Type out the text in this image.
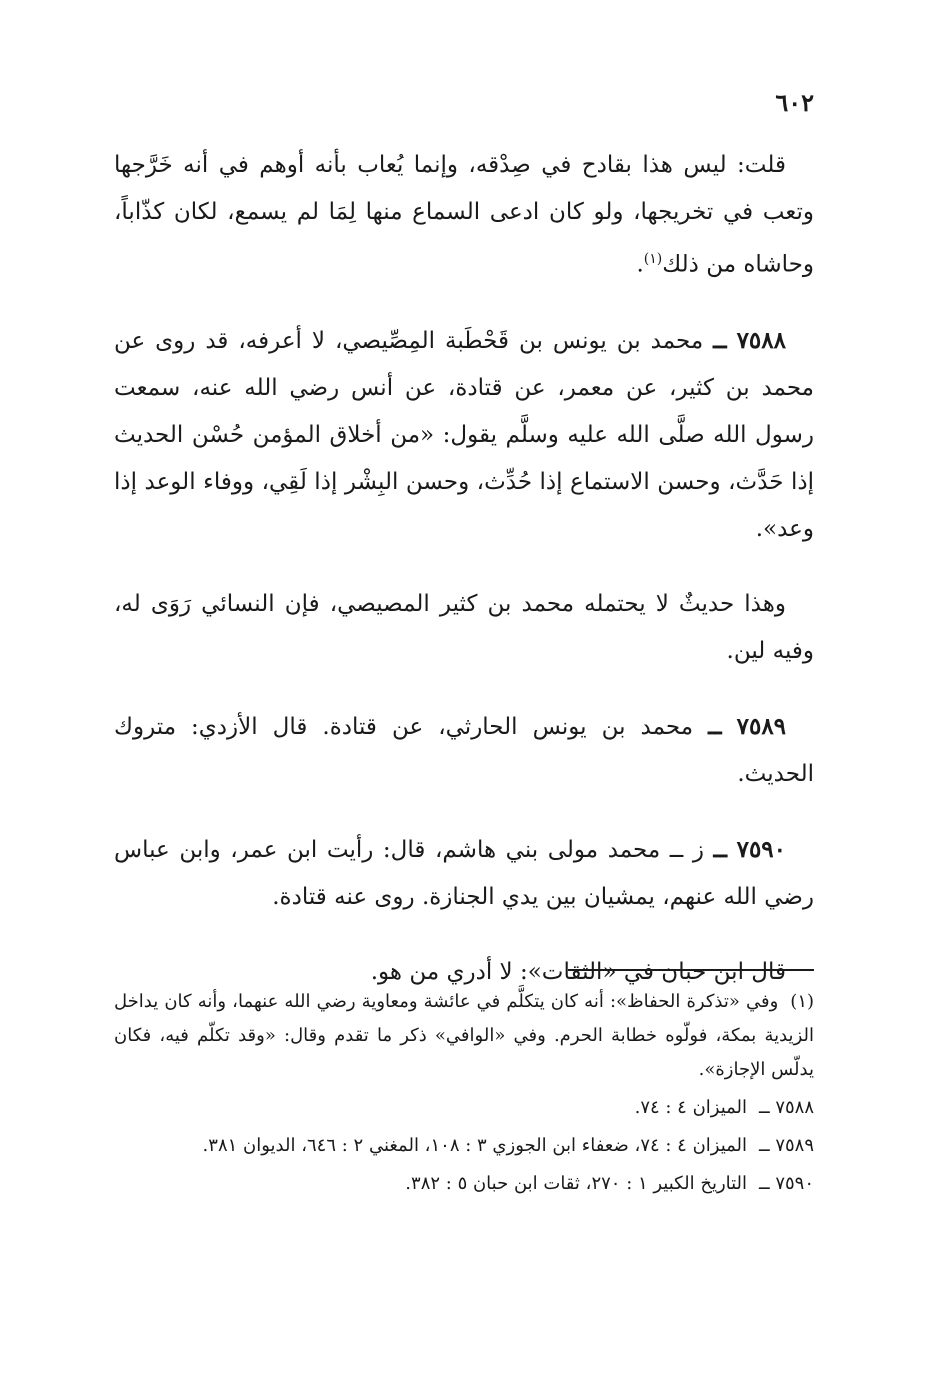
٦٠٢

قلت: ليس هذا بقادح في صِدْقه، وإنما يُعاب بأنه أوهم في أنه خَرَّجها وتعب في تخريجها، ولو كان ادعى السماع منها لِمَا لم يسمع، لكان كذّاباً، وحاشاه من ذلك$^{(١)}$.

٧٥٨٨ ــ محمد بن يونس بن قَحْطَبة المِصِّيصي، لا أعرفه، قد روى عن محمد بن كثير، عن معمر، عن قتادة، عن أنس رضي الله عنه، سمعت رسول الله صلَّى الله عليه وسلَّم يقول: «من أخلاق المؤمن حُسْن الحديث إذا حَدَّث، وحسن الاستماع إذا حُدِّث، وحسن البِشْر إذا لَقِي، ووفاء الوعد إذا وعد».

وهذا حديثٌ لا يحتمله محمد بن كثير المصيصي، فإن النسائي رَوَى له، وفيه لين.

٧٥٨٩ ــ محمد بن يونس الحارثي، عن قتادة. قال الأزدي: متروك الحديث.

٧٥٩٠ ــ ز ــ محمد مولى بني هاشم، قال: رأيت ابن عمر، وابن عباس رضي الله عنهم، يمشيان بين يدي الجنازة. روى عنه قتادة.

قال ابن حبان في «الثقات»: لا أدري من هو.

(١)وفي «تذكرة الحفاظ»: أنه كان يتكلَّم في عائشة ومعاوية رضي الله عنهما، وأنه كان يداخل الزيدية بمكة، فولّوه خطابة الحرم. وفي «الوافي» ذكر ما تقدم وقال: «وقد تكلّم فيه، فكان يدلّس الإجازة».

٧٥٨٨ ــالميزان ٤ : ٧٤.

٧٥٨٩ ــالميزان ٤ : ٧٤، ضعفاء ابن الجوزي ٣ : ١٠٨، المغني ٢ : ٦٤٦، الديوان ٣٨١.

٧٥٩٠ ــالتاريخ الكبير ١ : ٢٧٠، ثقات ابن حبان ٥ : ٣٨٢.
